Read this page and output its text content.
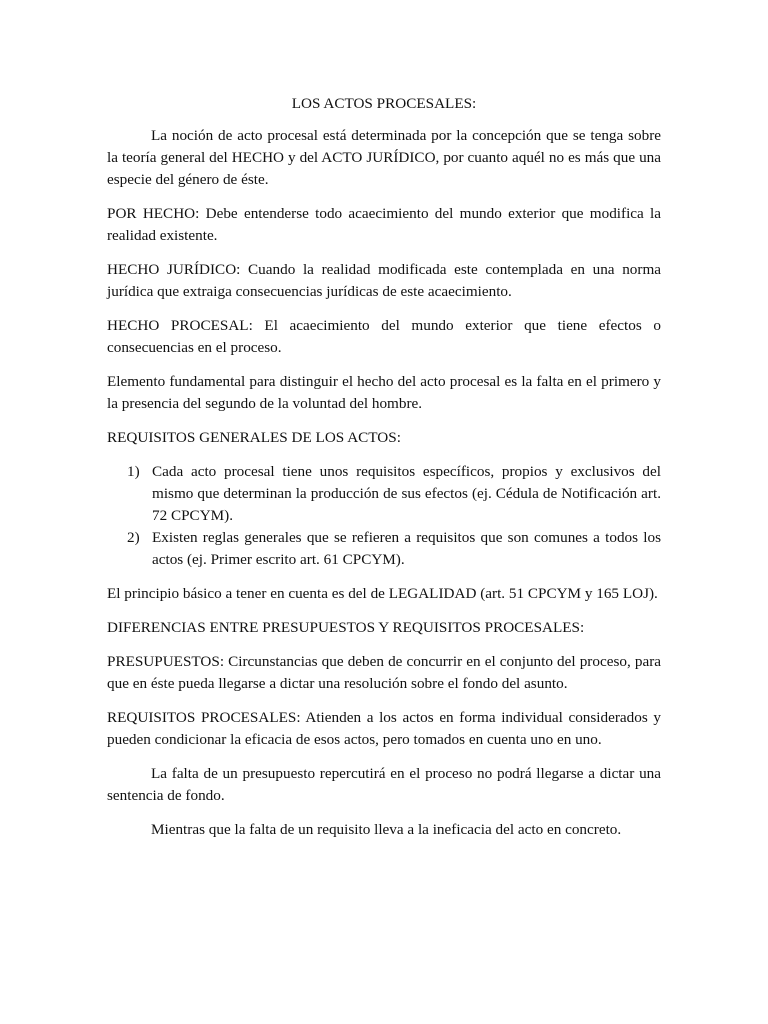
LOS ACTOS PROCESALES:

La noción de acto procesal está determinada por la concepción que se tenga sobre la teoría general del HECHO y del ACTO JURÍDICO, por cuanto aquél no es más que una especie del género de éste.

POR HECHO: Debe entenderse todo acaecimiento del mundo exterior que modifica la realidad existente.

HECHO JURÍDICO: Cuando la realidad modificada este contemplada en una norma jurídica que extraiga consecuencias jurídicas de este acaecimiento.

HECHO PROCESAL: El acaecimiento del mundo exterior que tiene efectos o consecuencias en el proceso.

Elemento fundamental para distinguir el hecho del acto procesal es la falta en el primero y la presencia del segundo de la voluntad del hombre.

REQUISITOS GENERALES DE LOS ACTOS:

1) Cada acto procesal tiene unos requisitos específicos, propios y exclusivos del mismo que determinan la producción de sus efectos (ej. Cédula de Notificación art. 72 CPCYM).
2) Existen reglas generales que se refieren a requisitos que son comunes a todos los actos (ej. Primer escrito art. 61 CPCYM).

El principio básico a tener en cuenta es del de LEGALIDAD (art. 51 CPCYM y 165 LOJ).

DIFERENCIAS ENTRE PRESUPUESTOS Y REQUISITOS PROCESALES:

PRESUPUESTOS: Circunstancias que deben de concurrir en el conjunto del proceso, para que en éste pueda llegarse a dictar una resolución sobre el fondo del asunto.

REQUISITOS PROCESALES: Atienden a los actos en forma individual considerados y pueden condicionar la eficacia de esos actos, pero tomados en cuenta uno en uno.

La falta de un presupuesto repercutirá en el proceso no podrá llegarse a dictar una sentencia de fondo.

Mientras que la falta de un requisito lleva a la ineficacia del acto en concreto.
